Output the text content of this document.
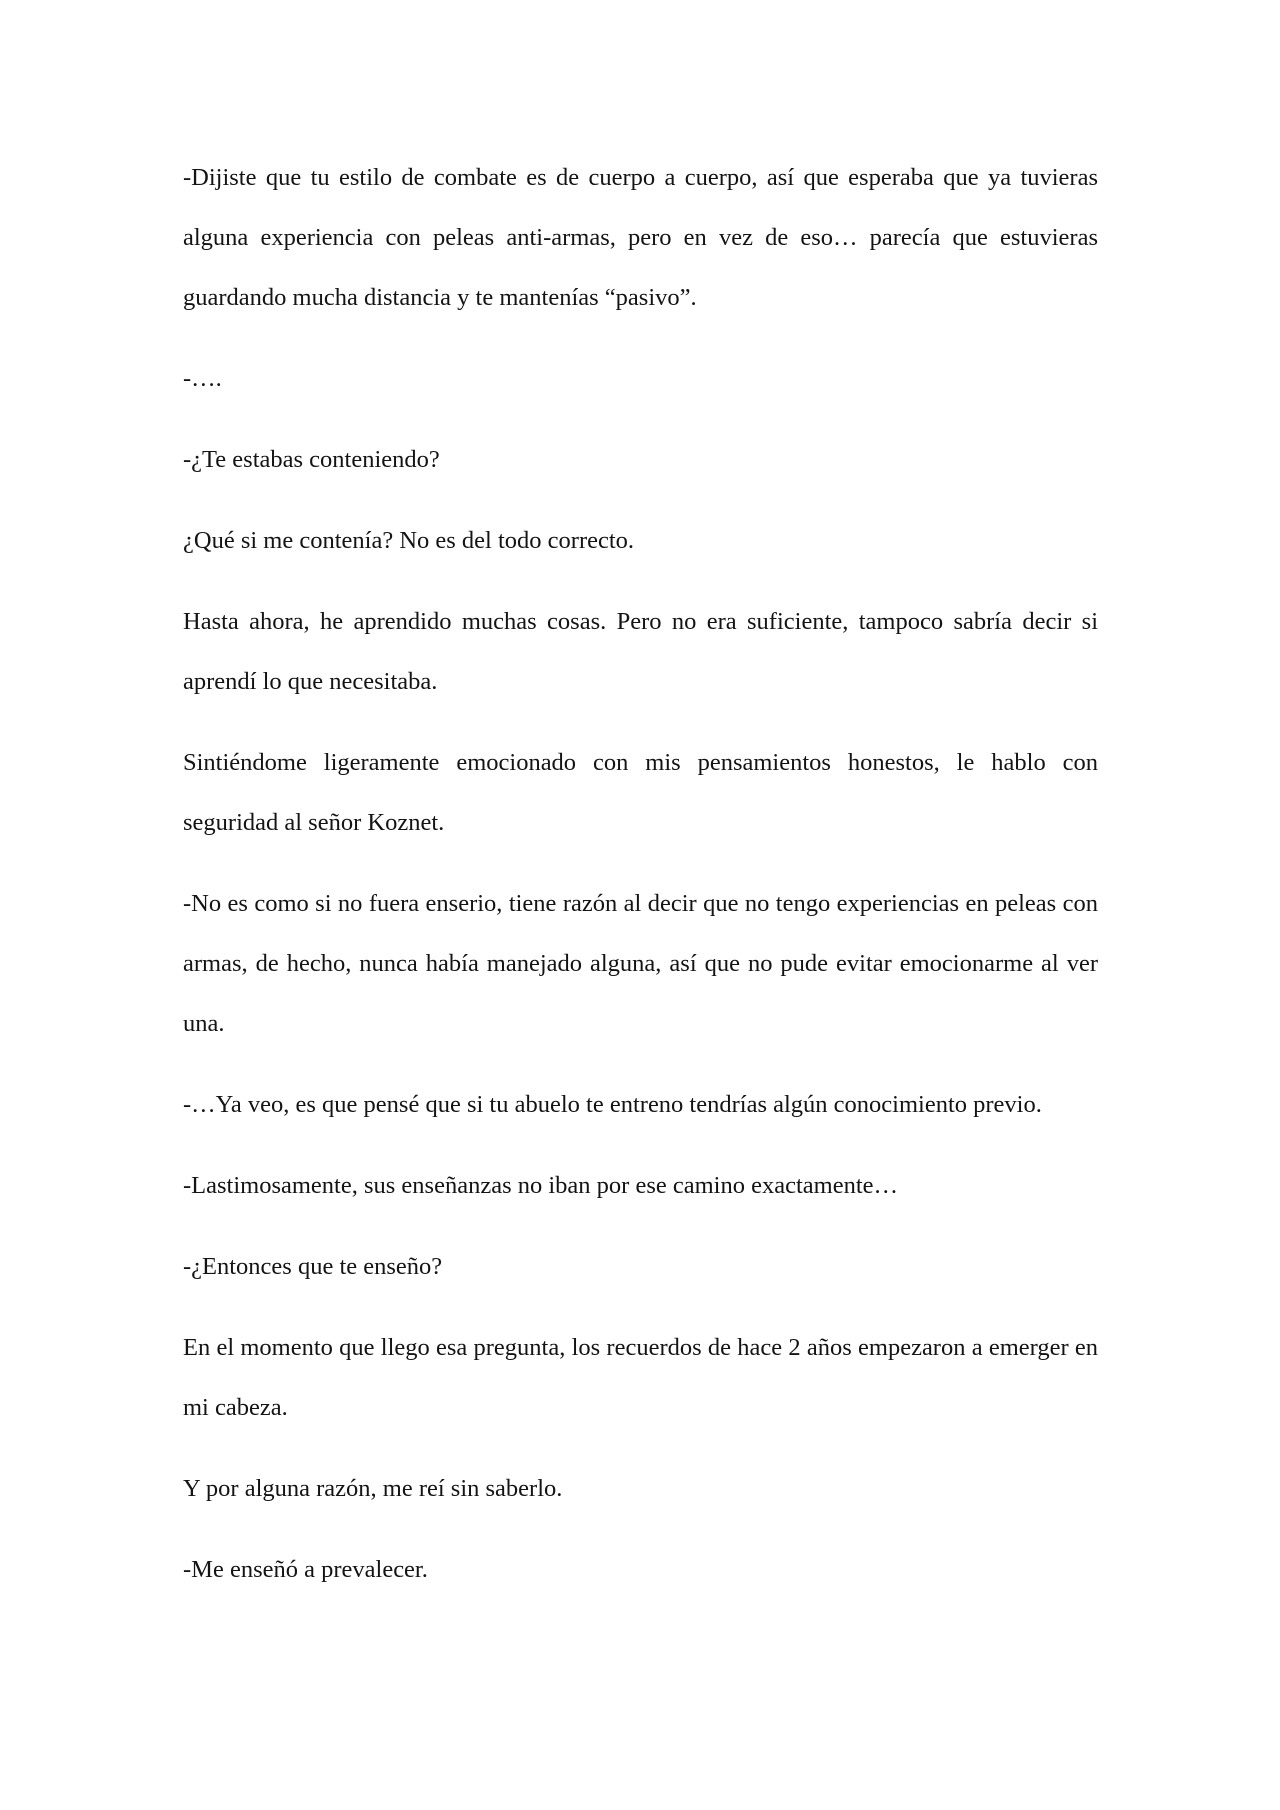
-Dijiste que tu estilo de combate es de cuerpo a cuerpo, así que esperaba que ya tuvieras alguna experiencia con peleas anti-armas, pero en vez de eso… parecía que estuvieras guardando mucha distancia y te mantenías “pasivo”.

-….

-¿Te estabas conteniendo?

¿Qué si me contenía? No es del todo correcto.

Hasta ahora, he aprendido muchas cosas. Pero no era suficiente, tampoco sabría decir si aprendí lo que necesitaba.

Sintiéndome ligeramente emocionado con mis pensamientos honestos, le hablo con seguridad al señor Koznet.

-No es como si no fuera enserio, tiene razón al decir que no tengo experiencias en peleas con armas, de hecho, nunca había manejado alguna, así que no pude evitar emocionarme al ver una.

-…Ya veo, es que pensé que si tu abuelo te entreno tendrías algún conocimiento previo.

-Lastimosamente, sus enseñanzas no iban por ese camino exactamente…

-¿Entonces que te enseño?

En el momento que llego esa pregunta, los recuerdos de hace 2 años empezaron a emerger en mi cabeza.

Y por alguna razón, me reí sin saberlo.

-Me enseñó a prevalecer.
